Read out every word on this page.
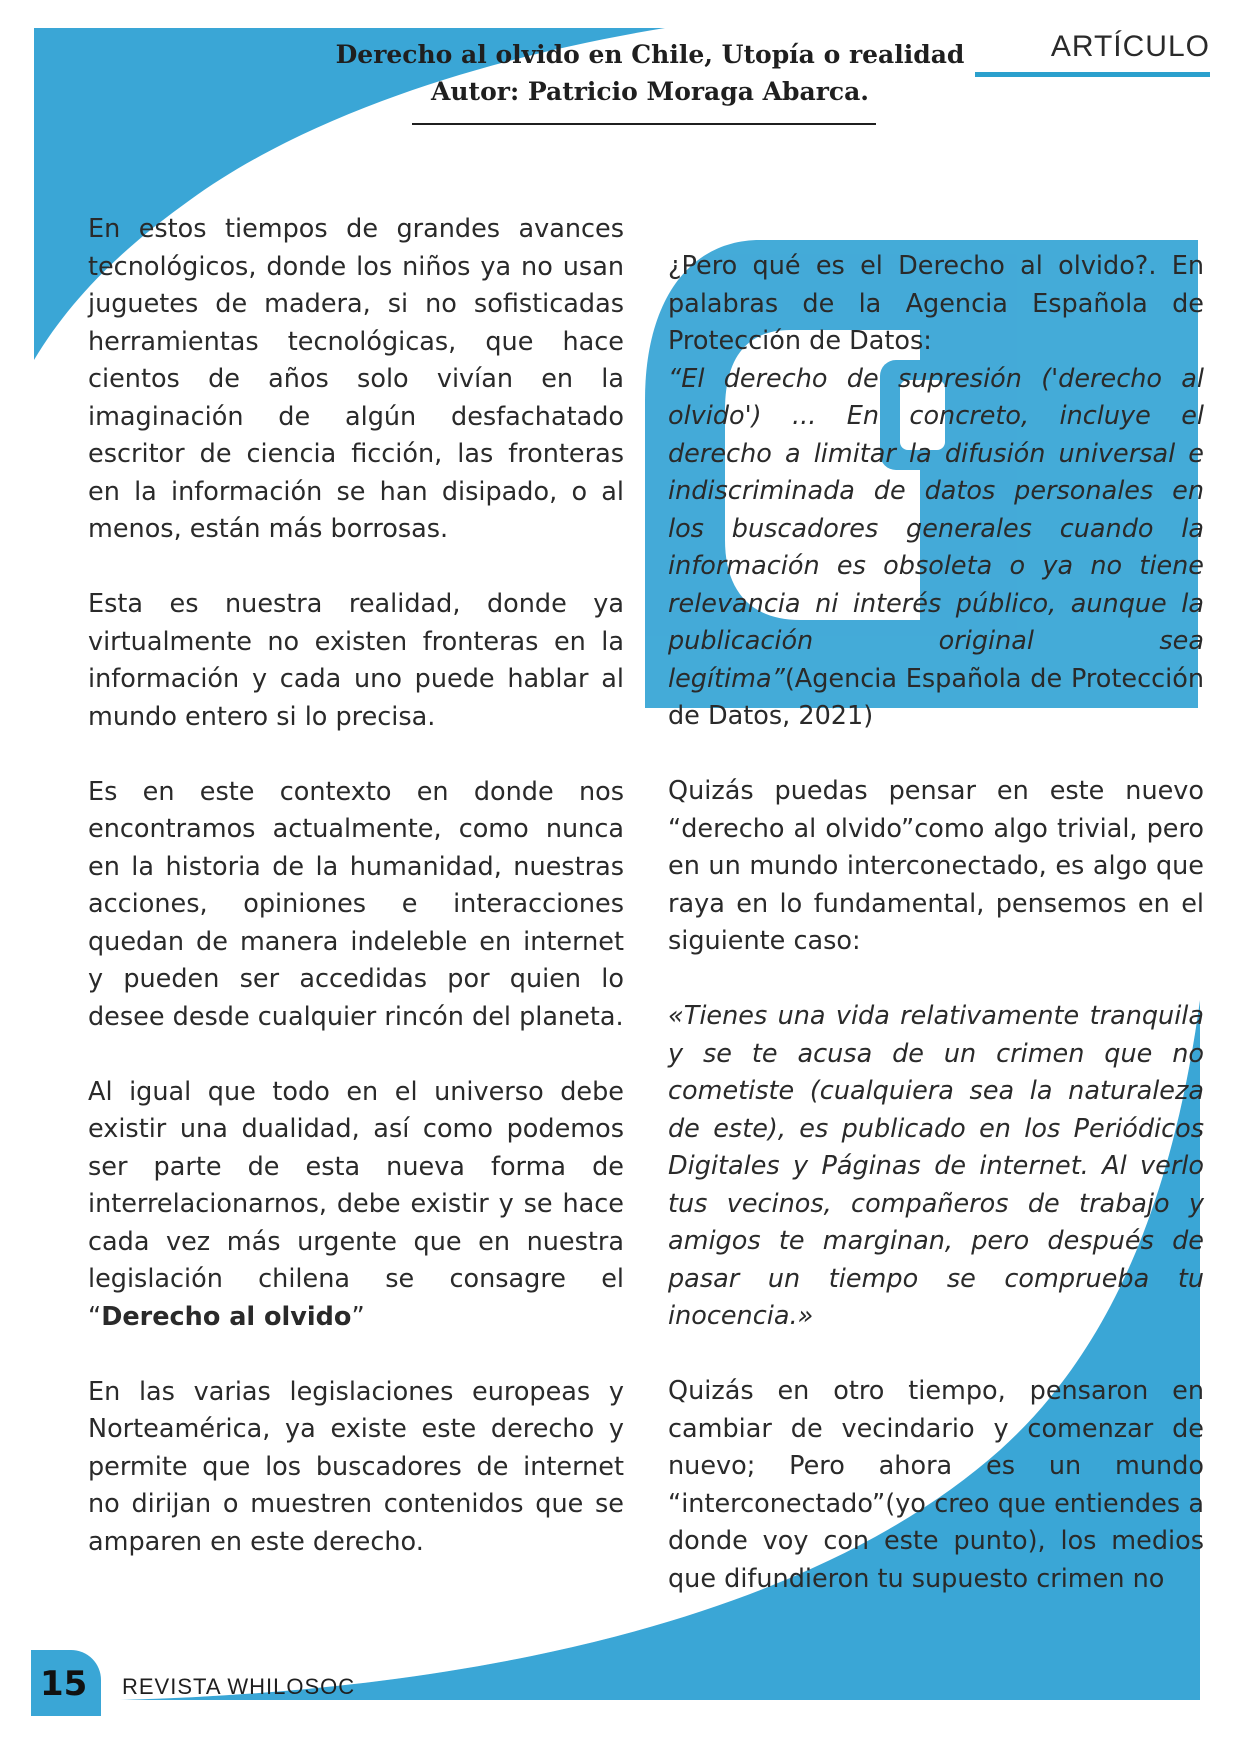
ARTÍCULO
Derecho al olvido en Chile, Utopía o realidad
Autor: Patricio Moraga Abarca.

En estos tiempos de grandes avances tecnológicos, donde los niños ya no usan juguetes de madera, si no sofisticadas herramientas tecnológicas, que hace cientos de años solo vivían en la imaginación de algún desfachatado escritor de ciencia ficción, las fronteras en la información se han disipado, o al menos, están más borrosas.

Esta es nuestra realidad, donde ya virtualmente no existen fronteras en la información y cada uno puede hablar al mundo entero si lo precisa.

Es en este contexto en donde nos encontramos actualmente, como nunca en la historia de la humanidad, nuestras acciones, opiniones e interacciones quedan de manera indeleble en internet y pueden ser accedidas por quien lo desee desde cualquier rincón del planeta.

Al igual que todo en el universo debe existir una dualidad, así como podemos ser parte de esta nueva forma de interrelacionarnos, debe existir y se hace cada vez más urgente que en nuestra legislación chilena se consagre el “Derecho al olvido”

En las varias legislaciones europeas y Norteamérica, ya existe este derecho y permite que los buscadores de internet no dirijan o muestren contenidos que se amparen en este derecho.

¿Pero qué es el Derecho al olvido?. En palabras de la Agencia Española de Protección de Datos:
“El derecho de supresión ('derecho al olvido') ... En concreto, incluye el derecho a limitar la difusión universal e indiscriminada de datos personales en los buscadores generales cuando la información es obsoleta o ya no tiene relevancia ni interés público, aunque la publicación original sea legítima”(Agencia Española de Protección de Datos, 2021)

Quizás puedas pensar en este nuevo “derecho al olvido”como algo trivial, pero en un mundo interconectado, es algo que raya en lo fundamental, pensemos en el siguiente caso:

«Tienes una vida relativamente tranquila y se te acusa de un crimen que no cometiste (cualquiera sea la naturaleza de este), es publicado en los Periódicos Digitales y Páginas de internet. Al verlo tus vecinos, compañeros de trabajo y amigos te marginan, pero después de pasar un tiempo se comprueba tu inocencia.»

Quizás en otro tiempo, pensaron en cambiar de vecindario y comenzar de nuevo; Pero ahora es un mundo “interconectado”(yo creo que entiendes a donde voy con este punto), los medios que difundieron tu supuesto crimen no

15 REVISTA WHILOSOC
